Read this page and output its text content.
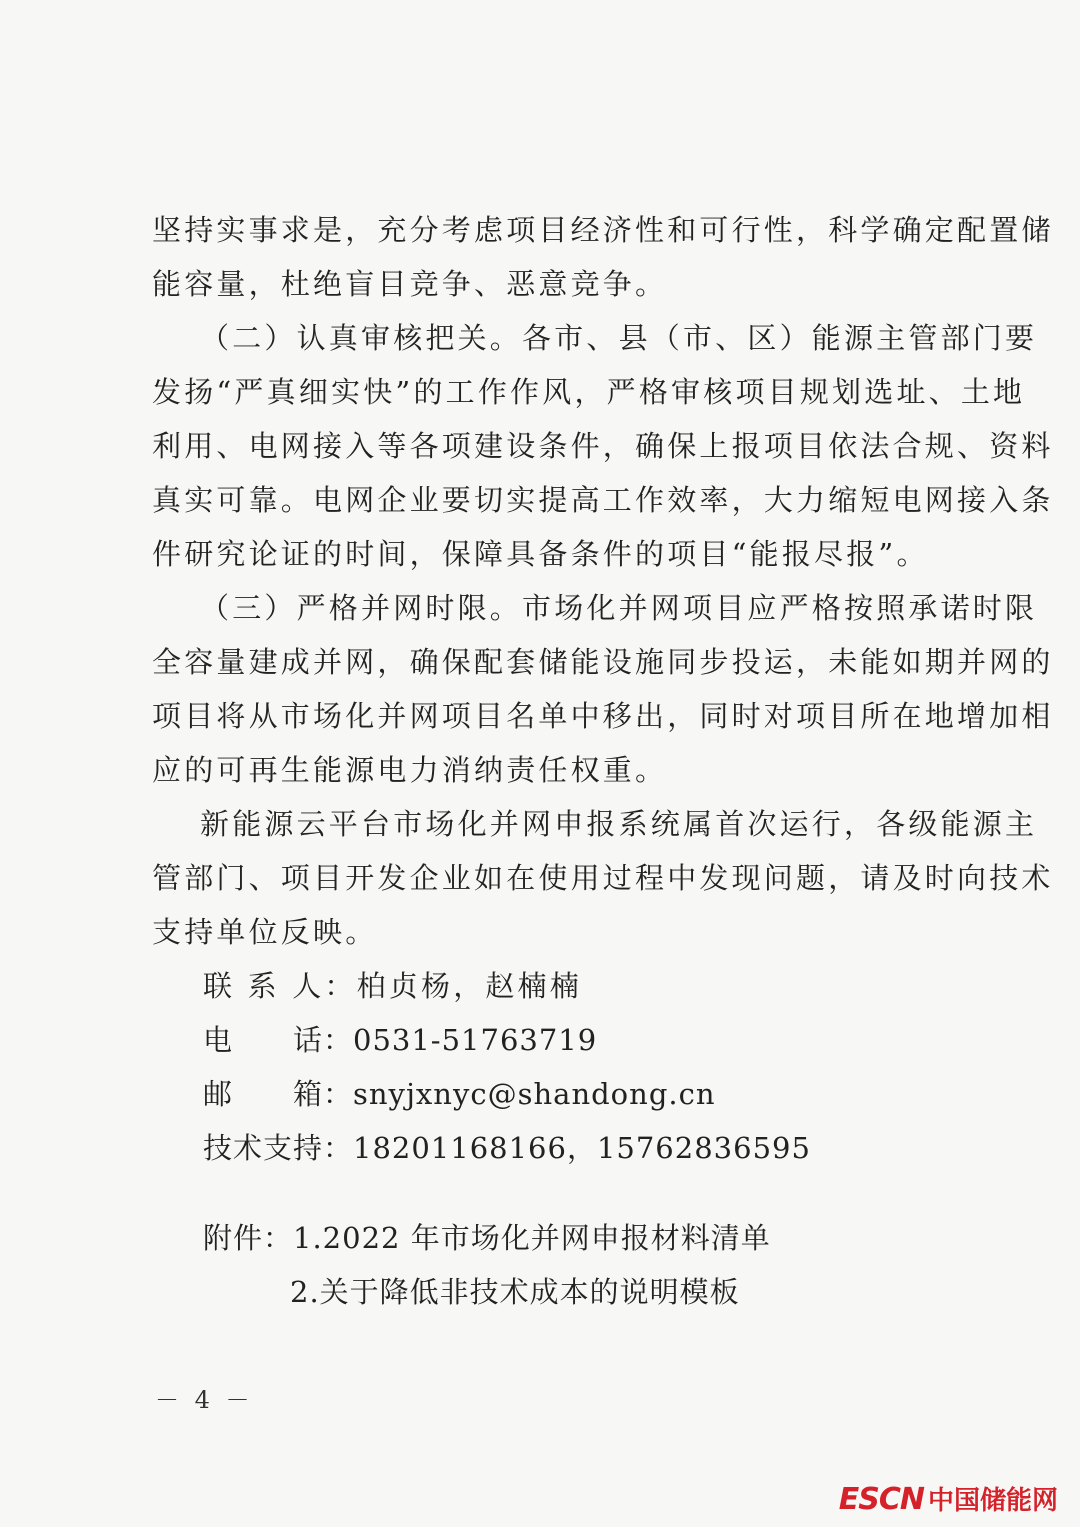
坚持实事求是，充分考虑项目经济性和可行性，科学确定配置储
能容量，杜绝盲目竞争、恶意竞争。
（二）认真审核把关。各市、县（市、区）能源主管部门要
发扬“严真细实快”的工作作风，严格审核项目规划选址、土地
利用、电网接入等各项建设条件，确保上报项目依法合规、资料
真实可靠。电网企业要切实提高工作效率，大力缩短电网接入条
件研究论证的时间，保障具备条件的项目“能报尽报”。
（三）严格并网时限。市场化并网项目应严格按照承诺时限
全容量建成并网，确保配套储能设施同步投运，未能如期并网的
项目将从市场化并网项目名单中移出，同时对项目所在地增加相
应的可再生能源电力消纳责任权重。
新能源云平台市场化并网申报系统属首次运行，各级能源主
管部门、项目开发企业如在使用过程中发现问题，请及时向技术
支持单位反映。
联 系 人：柏贞杨，赵楠楠
电　　话：0531-51763719
邮　　箱：snyjxnyc@shandong.cn
技术支持：18201168166，15762836595
附件：1.2022 年市场化并网申报材料清单
2.关于降低非技术成本的说明模板
－ 4 －
ESCN 中国储能网
